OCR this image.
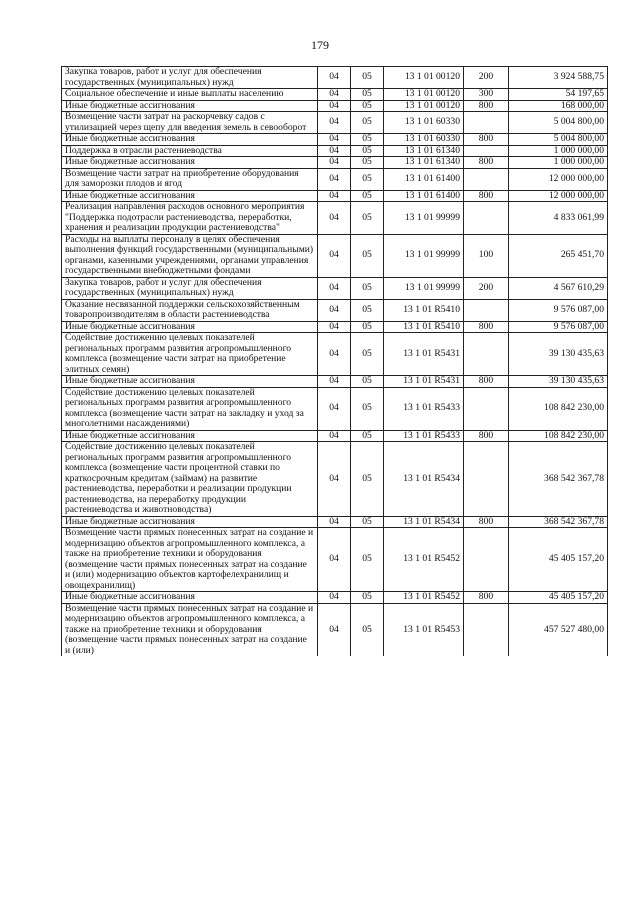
179
Закупка товаров, работ и услуг для обеспечения государственных (муниципальных) нужд	04	05	13 1 01 00120	200	3 924 588,75
Социальное обеспечение и иные выплаты населению	04	05	13 1 01 00120	300	54 197,65
Иные бюджетные ассигнования	04	05	13 1 01 00120	800	168 000,00
Возмещение части затрат на раскорчевку садов с утилизацией через щепу для введения земель в севооборот	04	05	13 1 01 60330		5 004 800,00
Иные бюджетные ассигнования	04	05	13 1 01 60330	800	5 004 800,00
Поддержка в отрасли растениеводства	04	05	13 1 01 61340		1 000 000,00
Иные бюджетные ассигнования	04	05	13 1 01 61340	800	1 000 000,00
Возмещение части затрат на приобретение оборудования для заморозки плодов и ягод	04	05	13 1 01 61400		12 000 000,00
Иные бюджетные ассигнования	04	05	13 1 01 61400	800	12 000 000,00
Реализация направления расходов основного мероприятия "Поддержка подотрасли растениеводства, переработки, хранения и реализации продукции растениеводства"	04	05	13 1 01 99999		4 833 061,99
Расходы на выплаты персоналу в целях обеспечения выполнения функций государственными (муниципальными) органами, казенными учреждениями, органами управления государственными внебюджетными фондами	04	05	13 1 01 99999	100	265 451,70
Закупка товаров, работ и услуг для обеспечения государственных (муниципальных) нужд	04	05	13 1 01 99999	200	4 567 610,29
Оказание несвязанной поддержки сельскохозяйственным товаропроизводителям в области растениеводства	04	05	13 1 01 R5410		9 576 087,00
Иные бюджетные ассигнования	04	05	13 1 01 R5410	800	9 576 087,00
Содействие достижению целевых показателей региональных программ развития агропромышленного комплекса (возмещение части затрат на приобретение элитных семян)	04	05	13 1 01 R5431		39 130 435,63
Иные бюджетные ассигнования	04	05	13 1 01 R5431	800	39 130 435,63
Содействие достижению целевых показателей региональных программ развития агропромышленного комплекса (возмещение части затрат на закладку и уход за многолетними насаждениями)	04	05	13 1 01 R5433		108 842 230,00
Иные бюджетные ассигнования	04	05	13 1 01 R5433	800	108 842 230,00
Содействие достижению целевых показателей региональных программ развития агропромышленного комплекса (возмещение части процентной ставки по краткосрочным кредитам (займам) на развитие растениеводства, переработки и реализации продукции растениеводства, на переработку продукции растениеводства и животноводства)	04	05	13 1 01 R5434		368 542 367,78
Иные бюджетные ассигнования	04	05	13 1 01 R5434	800	368 542 367,78
Возмещение части прямых понесенных затрат на создание и модернизацию объектов агропромышленного комплекса, а также на приобретение техники и оборудования (возмещение части прямых понесенных затрат на создание и (или) модернизацию объектов картофелехранилищ и овощехранилищ)	04	05	13 1 01 R5452		45 405 157,20
Иные бюджетные ассигнования	04	05	13 1 01 R5452	800	45 405 157,20
Возмещение части прямых понесенных затрат на создание и модернизацию объектов агропромышленного комплекса, а также на приобретение техники и оборудования (возмещение части прямых понесенных затрат на создание и (или)	04	05	13 1 01 R5453		457 527 480,00
